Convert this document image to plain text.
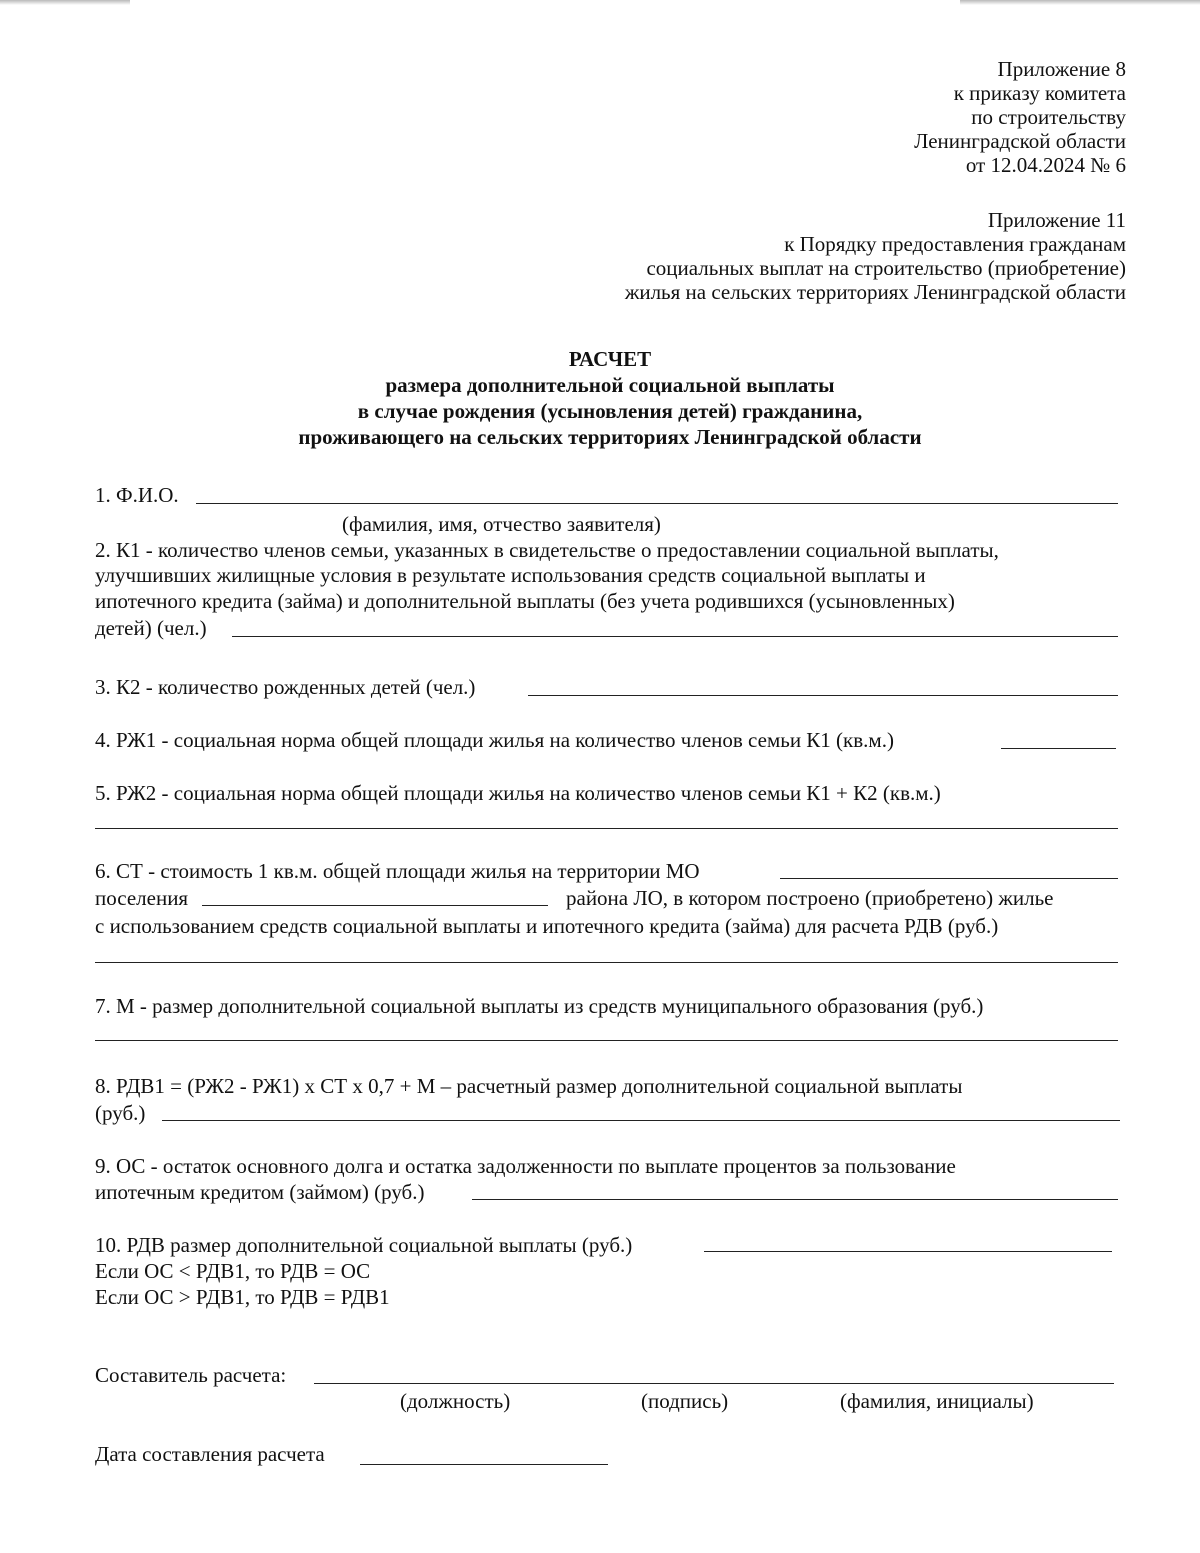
Приложение 8
к приказу комитета
по строительству
Ленинградской области
от 12.04.2024 № 6
Приложение 11
к Порядку предоставления гражданам
социальных выплат на строительство (приобретение)
жилья на сельских территориях Ленинградской области
РАСЧЕТ
размера дополнительной социальной выплаты
в случае рождения (усыновления детей) гражданина,
проживающего на сельских территориях Ленинградской области
1. Ф.И.О.
(фамилия, имя, отчество заявителя)
2. К1 - количество членов семьи, указанных в свидетельстве о предоставлении социальной выплаты,
улучшивших жилищные условия в результате использования средств социальной выплаты и
ипотечного кредита (займа) и дополнительной выплаты (без учета родившихся (усыновленных)
детей) (чел.)
3. К2 - количество рожденных детей (чел.)
4. РЖ1 - социальная норма общей площади жилья на количество членов семьи К1 (кв.м.)
5. РЖ2 - социальная норма общей площади жилья на количество членов семьи К1 + К2 (кв.м.)
6. СТ - стоимость 1 кв.м. общей площади жилья на территории МО
поселения	района ЛО, в котором построено (приобретено) жилье
с использованием средств социальной выплаты и ипотечного кредита (займа) для расчета РДВ (руб.)
7. М - размер дополнительной социальной выплаты из средств муниципального образования (руб.)
8. РДВ1 = (РЖ2 - РЖ1) х СТ х 0,7 + М – расчетный размер дополнительной социальной выплаты
(руб.)
9. ОС - остаток основного долга и остатка задолженности по выплате процентов за пользование
ипотечным кредитом (займом) (руб.)
10. РДВ размер дополнительной социальной выплаты (руб.)
Если ОС < РДВ1, то РДВ = ОС
Если ОС > РДВ1, то РДВ = РДВ1
Составитель расчета:
(должность)	(подпись)	(фамилия, инициалы)
Дата составления расчета
